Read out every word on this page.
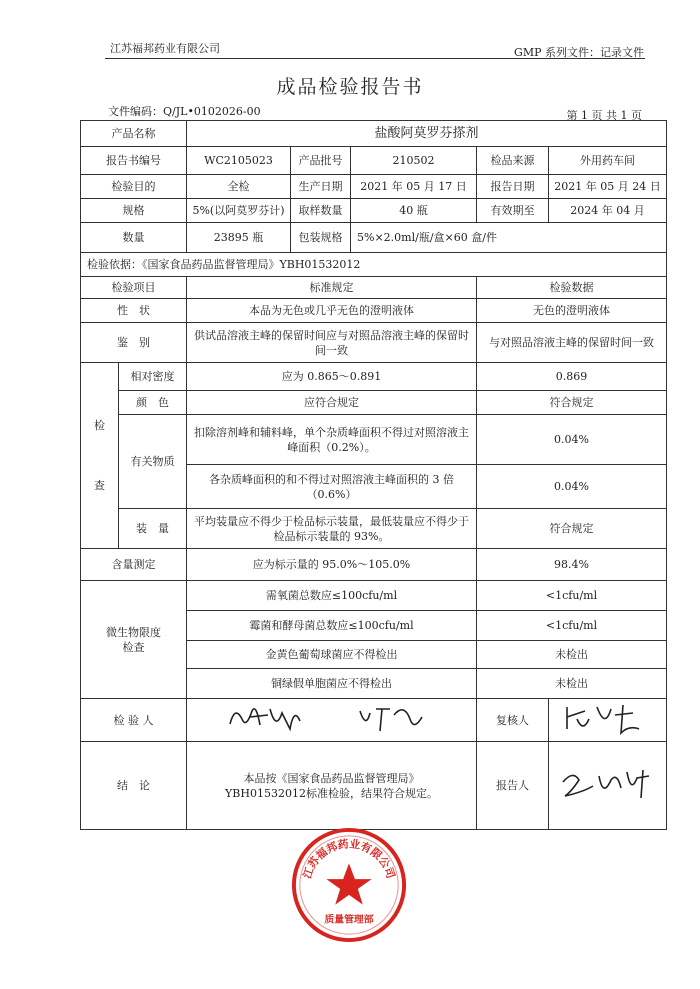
江苏福邦药业有限公司	GMP 系列文件：记录文件
成品检验报告书
文件编码：Q/JL•0102026-00	第 1 页 共 1 页
产品名称		盐酸阿莫罗芬搽剂				
报告书编号		WC2105023	产品批号	210502	检品来源	外用药车间
检验目的		全检	生产日期	2021 年 05 月 17 日	报告日期	2021 年 05 月 24 日
规格		5%(以阿莫罗芬计)	取样数量	40 瓶	有效期至	2024 年 04 月
数量		23895 瓶	包装规格	5%×2.0ml/瓶/盒×60 盒/件		
检验依据：《国家食品药品监督管理局》YBH01532012						
检验项目		标准规定			检验数据	
性　状		本品为无色或几乎无色的澄明液体			无色的澄明液体	
鉴　别		供试品溶液主峰的保留时间应与对照品溶液主峰的保留时间一致			与对照品溶液主峰的保留时间一致	
检

查	相对密度	应为 0.865～0.891			0.869	
	颜　色	应符合规定			符合规定	
	有关物质	扣除溶剂峰和辅料峰，单个杂质峰面积不得过对照溶液主峰面积（0.2%）。			0.04%	
		各杂质峰面积的和不得过对照溶液主峰面积的 3 倍（0.6%）			0.04%	
	装　量	平均装量应不得少于检品标示装量，最低装量应不得少于检品标示装量的 93%。			符合规定	
含量测定		应为标示量的 95.0%～105.0%			98.4%	
微生物限度
检查		需氧菌总数应≤100cfu/ml			<1cfu/ml	
		霉菌和酵母菌总数应≤100cfu/ml			<1cfu/ml	
		金黄色葡萄球菌应不得检出			未检出	
		铜绿假单胞菌应不得检出			未检出	
检 验 人					复核人	
结　论		本品按《国家食品药品监督管理局》YBH01532012标准检验，结果符合规定。			报告人	
江苏福邦药业有限公司
质量管理部
